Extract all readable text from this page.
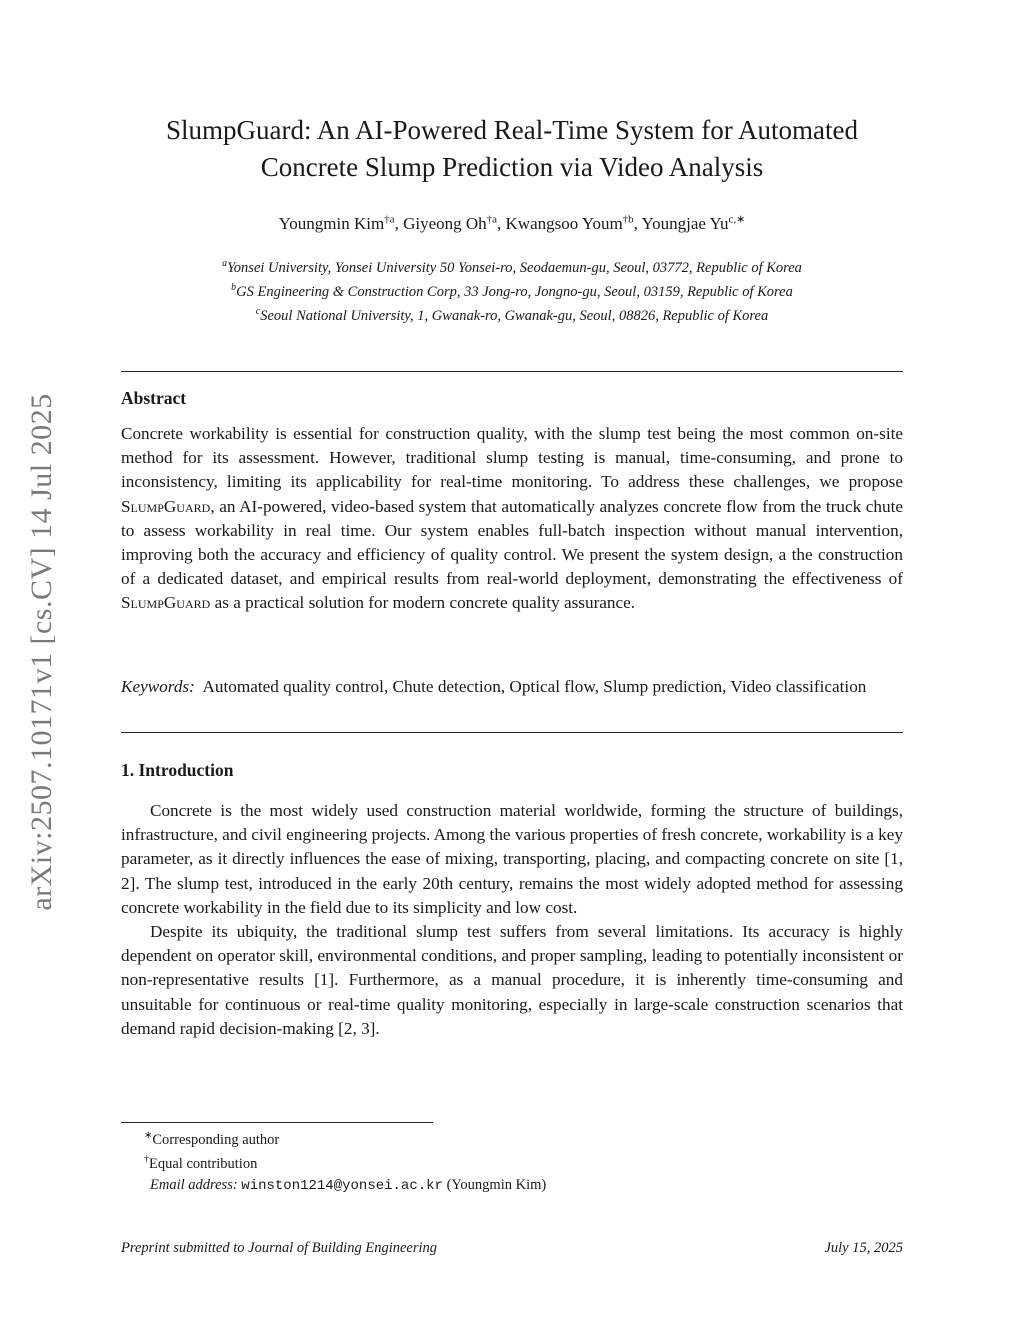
arXiv:2507.10171v1 [cs.CV] 14 Jul 2025
SlumpGuard: An AI-Powered Real-Time System for Automated
Concrete Slump Prediction via Video Analysis
Youngmin Kim$^{\dagger a}$, Giyeong Oh$^{\dagger a}$, Kwangsoo Youm$^{\dagger b}$, Youngjae $Yu^{c,∗}$
$^a$Yonsei University, Yonsei University 50 Yonsei-ro, Seodaemun-gu, Seoul, 03772, Republic of Korea
$^b$GS Engineering & Construction Corp, 33 Jong-ro, Jongno-gu, Seoul, 03159, Republic of Korea
$^c$Seoul National University, 1, Gwanak-ro, Gwanak-gu, Seoul, 08826, Republic of Korea
Abstract

Concrete workability is essential for construction quality, with the slump test being the most common on-site method for its assessment. However, traditional slump testing is manual, time-consuming, and prone to inconsistency, limiting its applicability for real-time monitoring. To address these challenges, we propose SlumpGuard, an AI-powered, video-based system that automatically analyzes concrete flow from the truck chute to assess workability in real time. Our system enables full-batch inspection without manual intervention, improving both the accuracy and efficiency of quality control. We present the system design, a the construction of a dedicated dataset, and empirical results from real-world deployment, demonstrating the effectiveness of SlumpGuard as a practical solution for modern concrete quality assurance.

Keywords: Automated quality control, Chute detection, Optical flow, Slump prediction, Video classification

1. Introduction

Concrete is the most widely used construction material worldwide, forming the structure of buildings, infrastructure, and civil engineering projects. Among the various properties of fresh concrete, workability is a key parameter, as it directly influences the ease of mixing, transporting, placing, and compacting concrete on site [1, 2]. The slump test, introduced in the early 20th century, remains the most widely adopted method for assessing concrete workability in the field due to its simplicity and low cost.

Despite its ubiquity, the traditional slump test suffers from several limitations. Its accuracy is highly dependent on operator skill, environmental conditions, and proper sampling, leading to potentially inconsistent or non-representative results [1]. Furthermore, as a manual procedure, it is inherently time-consuming and unsuitable for continuous or real-time quality monitoring, especially in large-scale construction scenarios that demand rapid decision-making [2, 3].

∗Corresponding author
†Equal contribution
Email address: winston1214@yonsei.ac.kr (Youngmin Kim)
Preprint submitted to Journal of Building Engineering	July 15, 2025
